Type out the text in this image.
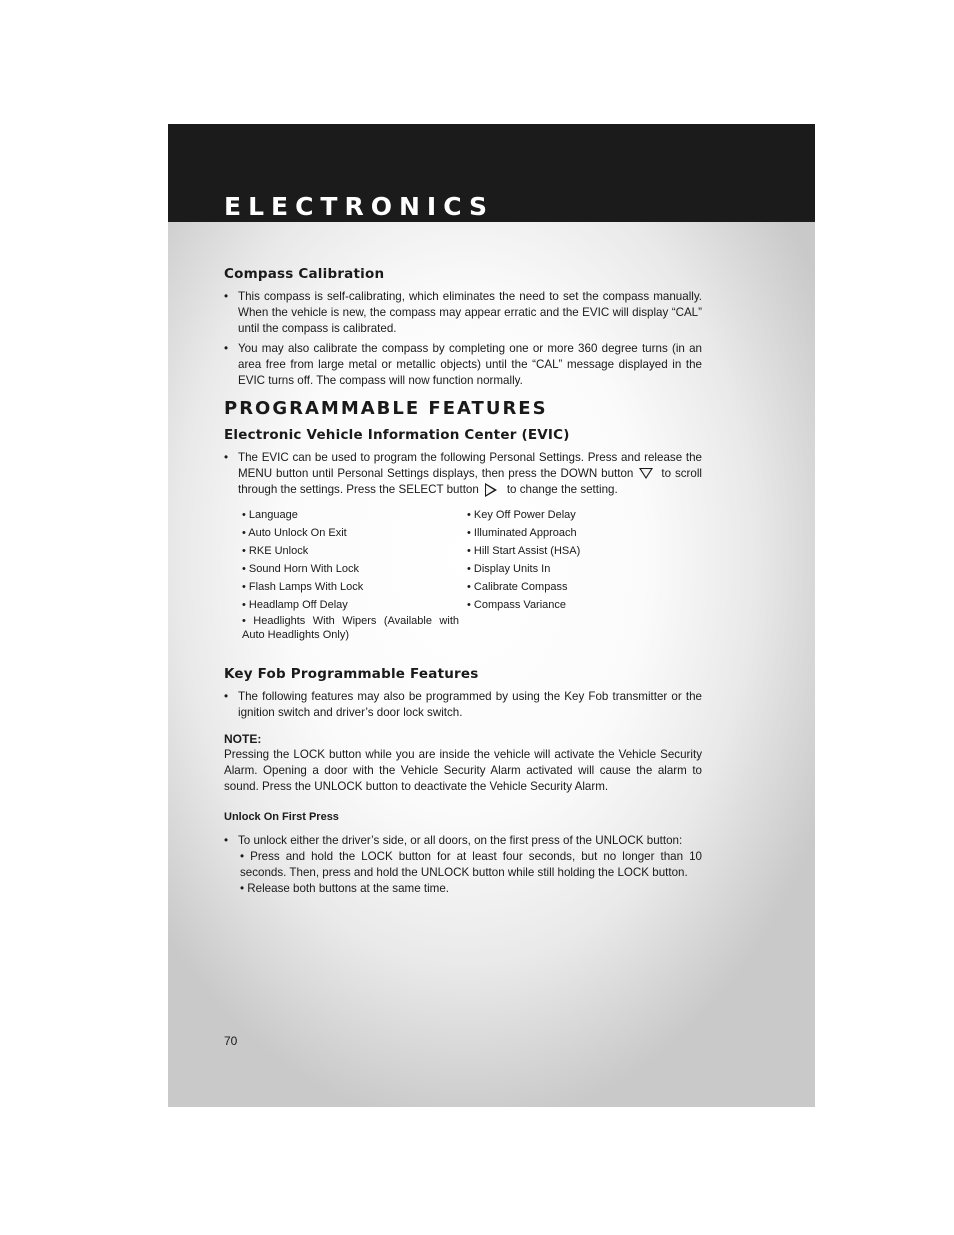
ELECTRONICS
Compass Calibration
• This compass is self-calibrating, which eliminates the need to set the compass manually. When the vehicle is new, the compass may appear erratic and the EVIC will display “CAL” until the compass is calibrated.
• You may also calibrate the compass by completing one or more 360 degree turns (in an area free from large metal or metallic objects) until the “CAL” message displayed in the EVIC turns off. The compass will now function normally.
PROGRAMMABLE FEATURES
Electronic Vehicle Information Center (EVIC)
• The EVIC can be used to program the following Personal Settings. Press and release the MENU button until Personal Settings displays, then press the DOWN button to scroll through the settings. Press the SELECT button to change the setting.
• Language
• Auto Unlock On Exit
• RKE Unlock
• Sound Horn With Lock
• Flash Lamps With Lock
• Headlamp Off Delay
• Headlights With Wipers (Available with Auto Headlights Only)
• Key Off Power Delay
• Illuminated Approach
• Hill Start Assist (HSA)
• Display Units In
• Calibrate Compass
• Compass Variance
Key Fob Programmable Features
• The following features may also be programmed by using the Key Fob transmitter or the ignition switch and driver’s door lock switch.
NOTE:

Pressing the LOCK button while you are inside the vehicle will activate the Vehicle Security Alarm. Opening a door with the Vehicle Security Alarm activated will cause the alarm to sound. Press the UNLOCK button to deactivate the Vehicle Security Alarm.

Unlock On First Press
• To unlock either the driver’s side, or all doors, on the first press of the UNLOCK button:
• Press and hold the LOCK button for at least four seconds, but no longer than 10 seconds. Then, press and hold the UNLOCK button while still holding the LOCK button.
• Release both buttons at the same time.
70
